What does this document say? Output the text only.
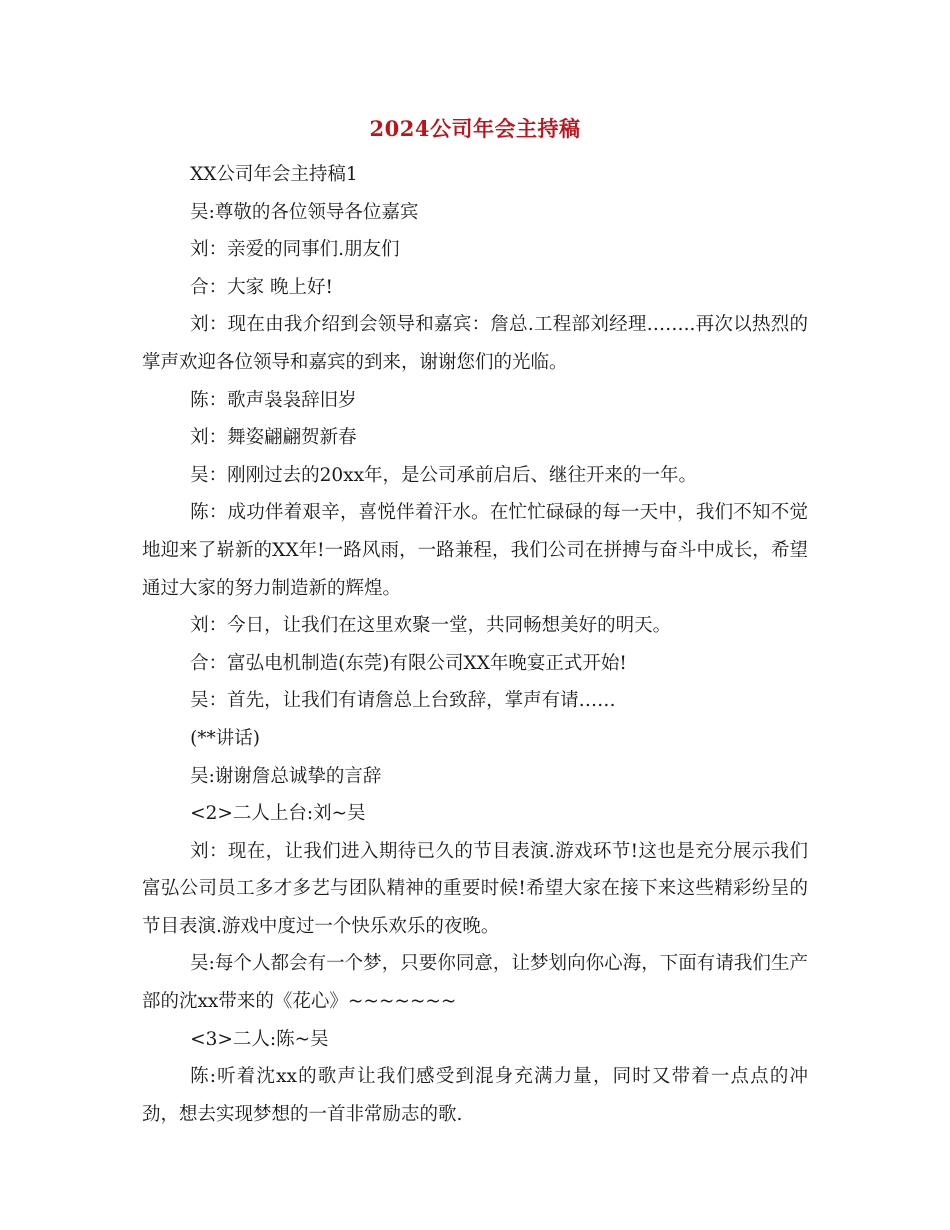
2024公司年会主持稿

XX公司年会主持稿1

吴:尊敬的各位领导各位嘉宾

刘：亲爱的同事们.朋友们

合：大家 晚上好!

刘：现在由我介绍到会领导和嘉宾：詹总.工程部刘经理……..再次以热烈的掌声欢迎各位领导和嘉宾的到来，谢谢您们的光临。

陈：歌声袅袅辞旧岁

刘：舞姿翩翩贺新春

吴：刚刚过去的20xx年，是公司承前启后、继往开来的一年。

陈：成功伴着艰辛，喜悦伴着汗水。在忙忙碌碌的每一天中，我们不知不觉地迎来了崭新的XX年!一路风雨，一路兼程，我们公司在拼搏与奋斗中成长，希望通过大家的努力制造新的辉煌。

刘：今日，让我们在这里欢聚一堂，共同畅想美好的明天。

合：富弘电机制造(东莞)有限公司XX年晚宴正式开始!

吴：首先，让我们有请詹总上台致辞，掌声有请……

(**讲话)

吴:谢谢詹总诚挚的言辞

<2>二人上台:刘~吴

刘：现在，让我们进入期待已久的节目表演.游戏环节!这也是充分展示我们富弘公司员工多才多艺与团队精神的重要时候!希望大家在接下来这些精彩纷呈的节目表演.游戏中度过一个快乐欢乐的夜晚。

吴:每个人都会有一个梦，只要你同意，让梦划向你心海，下面有请我们生产部的沈xx带来的《花心》~~~~~~~

<3>二人:陈~吴

陈:听着沈xx的歌声让我们感受到混身充满力量，同时又带着一点点的冲劲，想去实现梦想的一首非常励志的歌.
